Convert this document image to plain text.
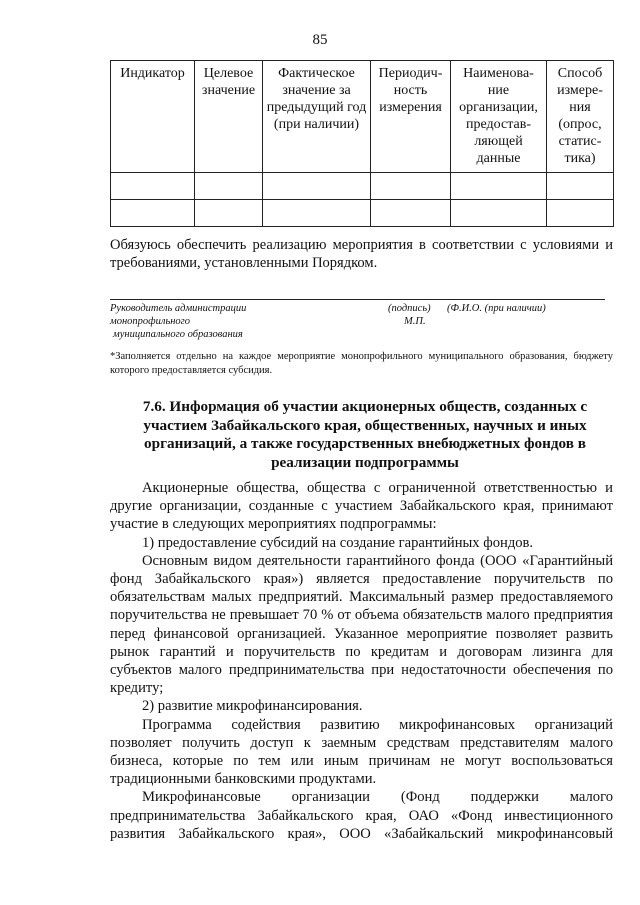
85
Индикатор	Целевое значение	Фактическое значение за предыдущий год (при наличии)	Периодич-ность измерения	Наименова-ние организации, предостав-ляющей данные	Способ измере-ния (опрос, статис-тика)

Обязуюсь обеспечить реализацию мероприятия в соответствии с условиями и требованиями, установленными Порядком.
Руководитель администрации
монопрофильного
муниципального образования
(подпись) (Ф.И.О. (при наличии)
М.П.
*Заполняется отдельно на каждое мероприятие монопрофильного муниципального образования, бюджету которого предоставляется субсидия.
7.6. Информация об участии акционерных обществ, созданных с участием Забайкальского края, общественных, научных и иных организаций, а также государственных внебюджетных фондов в реализации подпрограммы

Акционерные общества, общества с ограниченной ответственностью и другие организации, созданные с участием Забайкальского края, принимают участие в следующих мероприятиях подпрограммы:

1) предоставление субсидий на создание гарантийных фондов.

Основным видом деятельности гарантийного фонда (ООО «Гарантийный фонд Забайкальского края») является предоставление поручительств по обязательствам малых предприятий. Максимальный размер предоставляемого поручительства не превышает 70 % от объема обязательств малого предприятия перед финансовой организацией. Указанное мероприятие позволяет развить рынок гарантий и поручительств по кредитам и договорам лизинга для субъектов малого предпринимательства при недостаточности обеспечения по кредиту;

2) развитие микрофинансирования.

Программа содействия развитию микрофинансовых организаций позволяет получить доступ к заемным средствам представителям малого бизнеса, которые по тем или иным причинам не могут воспользоваться традиционными банковскими продуктами.

Микрофинансовые организации (Фонд поддержки малого предпринимательства Забайкальского края, ОАО «Фонд инвестиционного развития Забайкальского края», ООО «Забайкальский микрофинансовый
